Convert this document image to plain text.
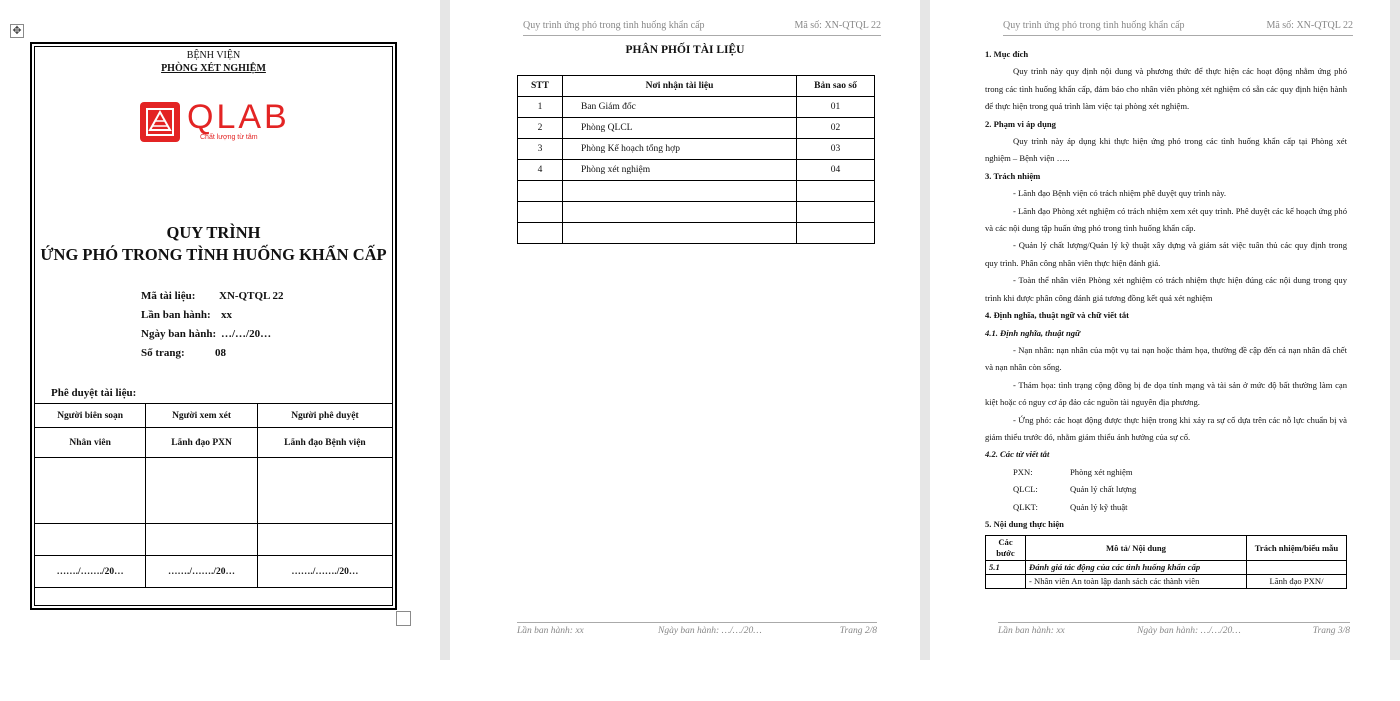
✥
BỆNH VIỆN
PHÒNG XÉT NGHIỆM
QLAB
Chất lượng từ tâm
QUY TRÌNH
ỨNG PHÓ TRONG TÌNH HUỐNG KHẨN CẤP
Mã tài liệu: XN-QTQL 22
Lần ban hành: xx
Ngày ban hành: …/…/20…
Số trang:	08
Phê duyệt tài liệu:
Người biên soạn	Người xem xét	Người phê duyệt
Nhân viên	Lãnh đạo PXN	Lãnh đạo Bệnh viện

……./……./20…	……./……./20…	……./……./20…
Quy trình ứng phó trong tình huống khẩn cấp	Mã số: XN-QTQL 22
PHÂN PHỐI TÀI LIỆU
STT	Nơi nhận tài liệu	Bản sao số
1	Ban Giám đốc	01
2	Phòng QLCL	02
3	Phòng Kế hoạch tổng hợp	03
4	Phòng xét nghiệm	04

Lần ban hành: xx	Ngày ban hành: …/…/20…	Trang 2/8
Quy trình ứng phó trong tình huống khẩn cấp	Mã số: XN-QTQL 22
1. Mục đích
Quy trình này quy định nội dung và phương thức để thực hiện các hoạt động nhằm ứng phó trong các tình huống khẩn cấp, đảm bảo cho nhân viên phòng xét nghiệm có sẵn các quy định hiện hành để thực hiện trong quá trình làm việc tại phòng xét nghiệm.
2. Phạm vi áp dụng
Quy trình này áp dụng khi thực hiện ứng phó trong các tình huống khẩn cấp tại Phòng xét nghiệm – Bệnh viện …..
3. Trách nhiệm
- Lãnh đạo Bệnh viện có trách nhiệm phê duyệt quy trình này.
- Lãnh đạo Phòng xét nghiệm có trách nhiệm xem xét quy trình. Phê duyệt các kế hoạch ứng phó và các nội dung tập huấn ứng phó trong tình huống khẩn cấp.
- Quản lý chất lượng/Quản lý kỹ thuật xây dựng và giám sát việc tuân thủ các quy định trong quy trình. Phân công nhân viên thực hiện đánh giá.
- Toàn thể nhân viên Phòng xét nghiệm có trách nhiệm thực hiện đúng các nội dung trong quy trình khi được phân công đánh giá tương đồng kết quả xét nghiệm
4. Định nghĩa, thuật ngữ và chữ viết tắt
4.1. Định nghĩa, thuật ngữ
- Nạn nhân: nạn nhân của một vụ tai nạn hoặc thảm họa, thường đề cập đến cả nạn nhân đã chết và nạn nhân còn sống.
- Thảm họa: tình trạng cộng đồng bị đe dọa tính mạng và tài sản ở mức độ bất thường làm cạn kiệt hoặc có nguy cơ áp đảo các nguồn tài nguyên địa phương.
- Ứng phó: các hoạt động được thực hiện trong khi xảy ra sự cố dựa trên các nỗ lực chuẩn bị và giảm thiểu trước đó, nhằm giảm thiểu ảnh hưởng của sự cố.
4.2. Các từ viết tắt
PXN:	Phòng xét nghiệm
QLCL:	Quản lý chất lượng
QLKT:	Quản lý kỹ thuật
5. Nội dung thực hiện
Các bước	Mô tả/ Nội dung	Trách nhiệm/biểu mẫu
5.1	Đánh giá tác động của các tình huống khẩn cấp	
	- Nhân viên An toàn lập danh sách các thành viên	Lãnh đạo PXN/
Lần ban hành: xx	Ngày ban hành: …/…/20…	Trang 3/8
